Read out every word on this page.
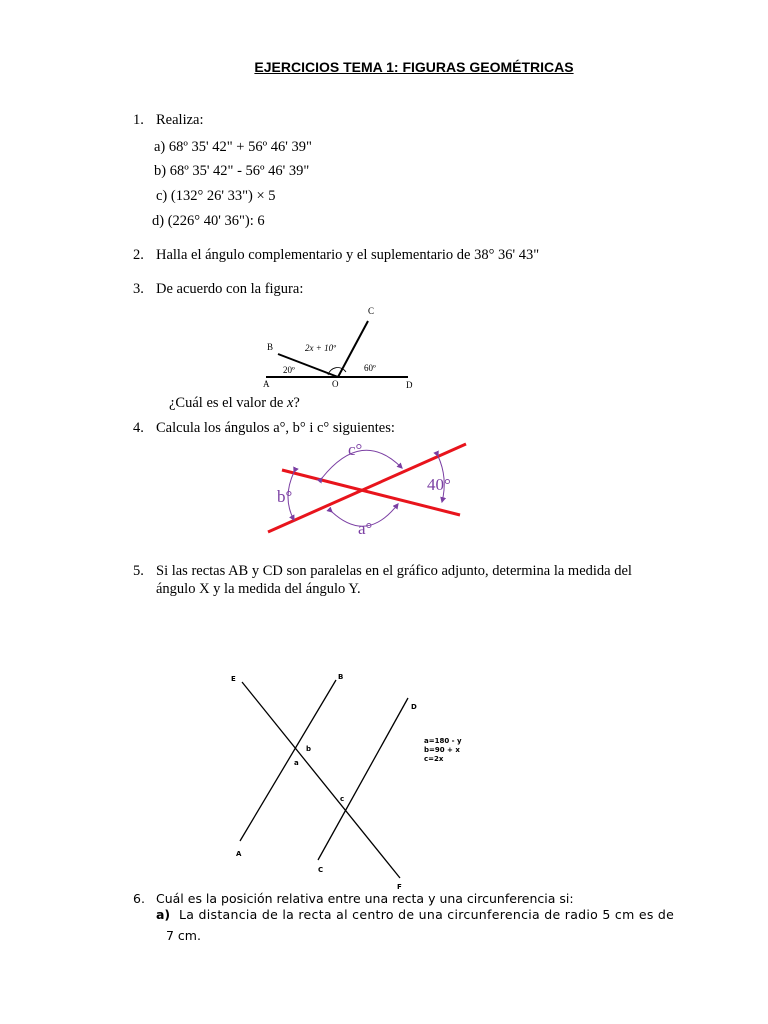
EJERCICIOS TEMA 1: FIGURAS GEOMÉTRICAS
1. Realiza:
a) 68º 35' 42" + 56º 46' 39"
b) 68º 35' 42" - 56º 46' 39"
c) (132° 26' 33") × 5
d) (226° 40' 36"): 6
2. Halla el ángulo complementario y el suplementario de 38° 36' 43"
3. De acuerdo con la figura:
C
B	2x + 10º
20º	60º
A	O	D
¿Cuál es el valor de x?
4. Calcula los ángulos a°, b° i c° siguientes:
c°
b°
a°
40°
5. Si las rectas AB y CD son paralelas en el gráfico adjunto, determina la medida del
ángulo X y la medida del ángulo Y.
E	B
D
b
a
c
A
C
F
a=180 - y
b=90 + x
c=2x
6. Cuál es la posición relativa entre una recta y una circunferencia si:
a) La distancia de la recta al centro de una circunferencia de radio 5 cm es de
7 cm.
